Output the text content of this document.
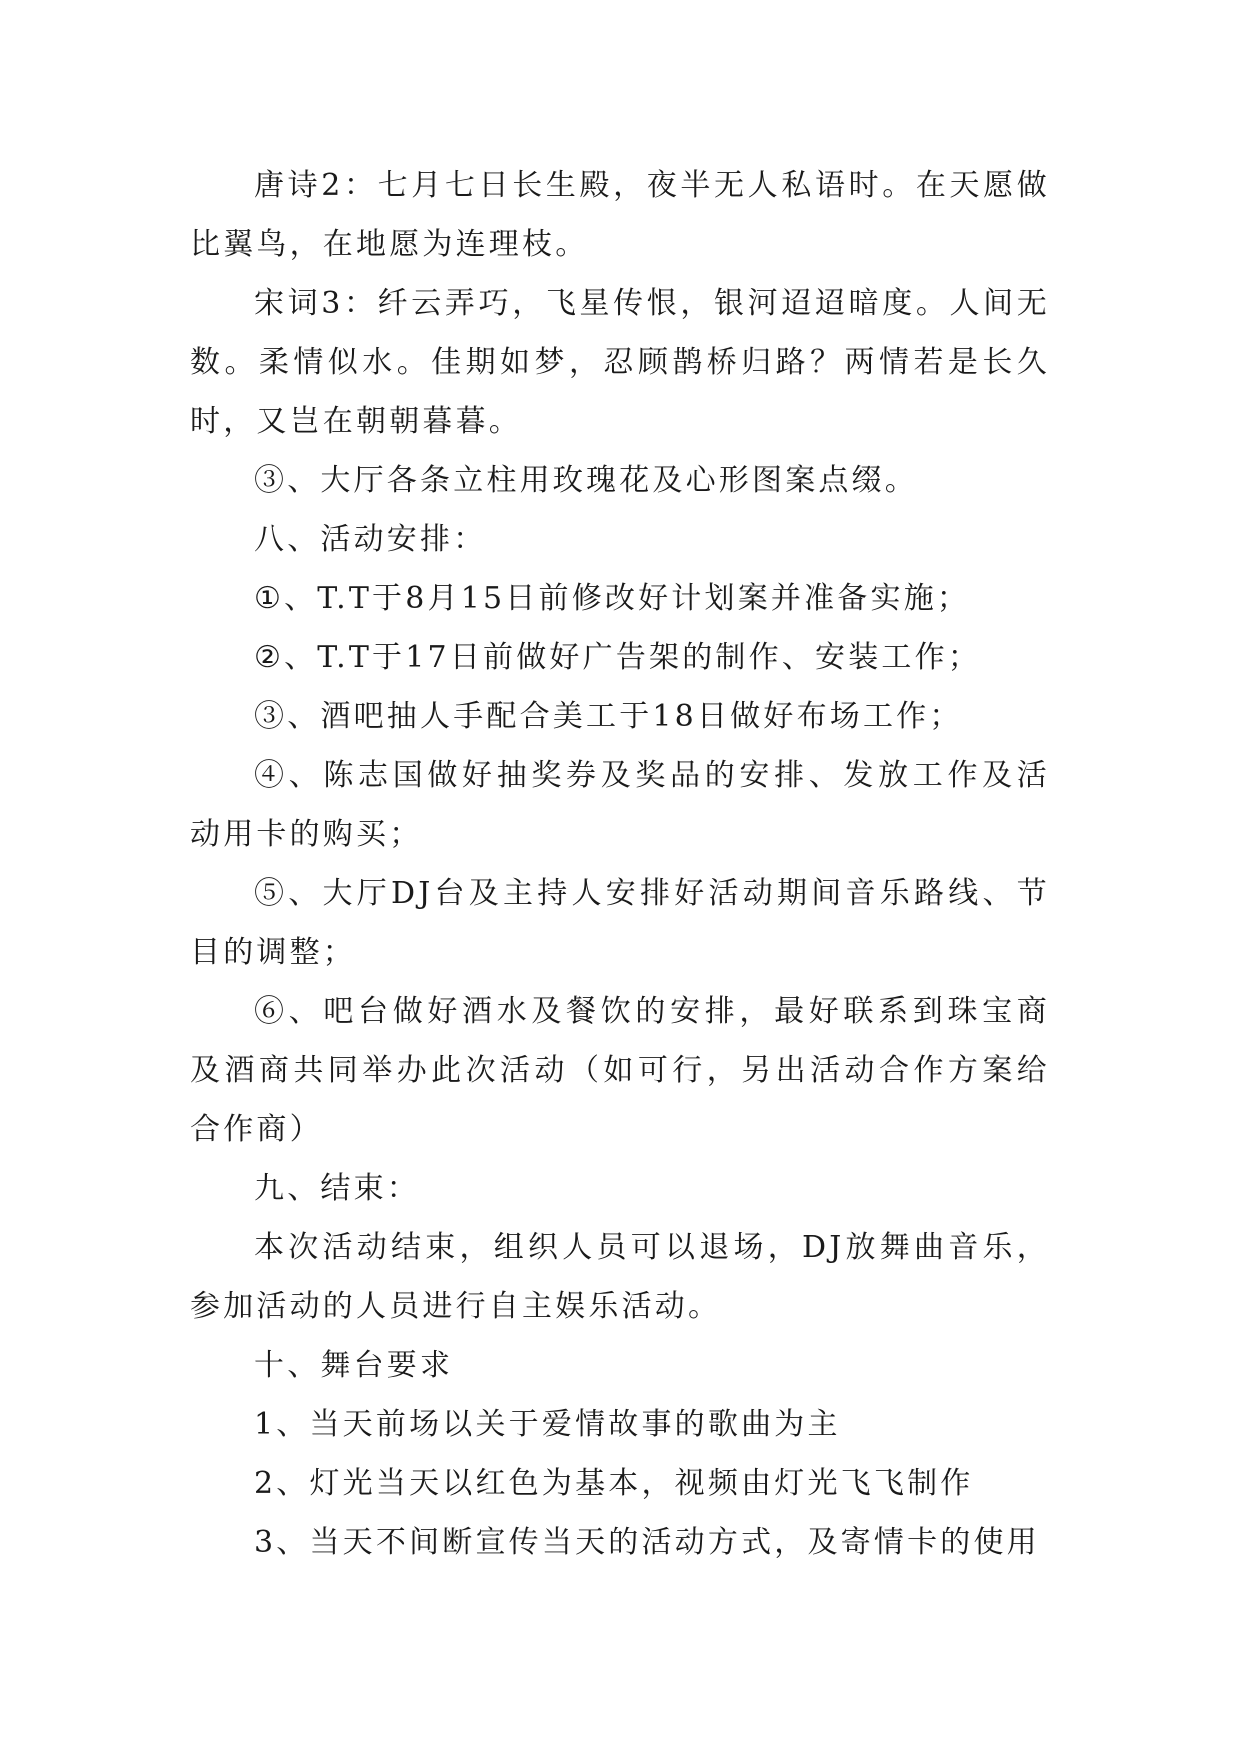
唐诗2：七月七日长生殿，夜半无人私语时。在天愿做比翼鸟，在地愿为连理枝。

宋词3：纤云弄巧，飞星传恨，银河迢迢暗度。人间无数。柔情似水。佳期如梦，忍顾鹊桥归路？两情若是长久时，又岂在朝朝暮暮。

③、大厅各条立柱用玫瑰花及心形图案点缀。

八、活动安排：

①、T.T于8月15日前修改好计划案并准备实施；

②、T.T于17日前做好广告架的制作、安装工作；

③、酒吧抽人手配合美工于18日做好布场工作；

④、陈志国做好抽奖券及奖品的安排、发放工作及活动用卡的购买；

⑤、大厅DJ台及主持人安排好活动期间音乐路线、节目的调整；

⑥、吧台做好酒水及餐饮的安排，最好联系到珠宝商及酒商共同举办此次活动（如可行，另出活动合作方案给合作商）

九、结束：

本次活动结束，组织人员可以退场，DJ放舞曲音乐，参加活动的人员进行自主娱乐活动。

十、舞台要求

1、当天前场以关于爱情故事的歌曲为主

2、灯光当天以红色为基本，视频由灯光飞飞制作

3、当天不间断宣传当天的活动方式，及寄情卡的使用
